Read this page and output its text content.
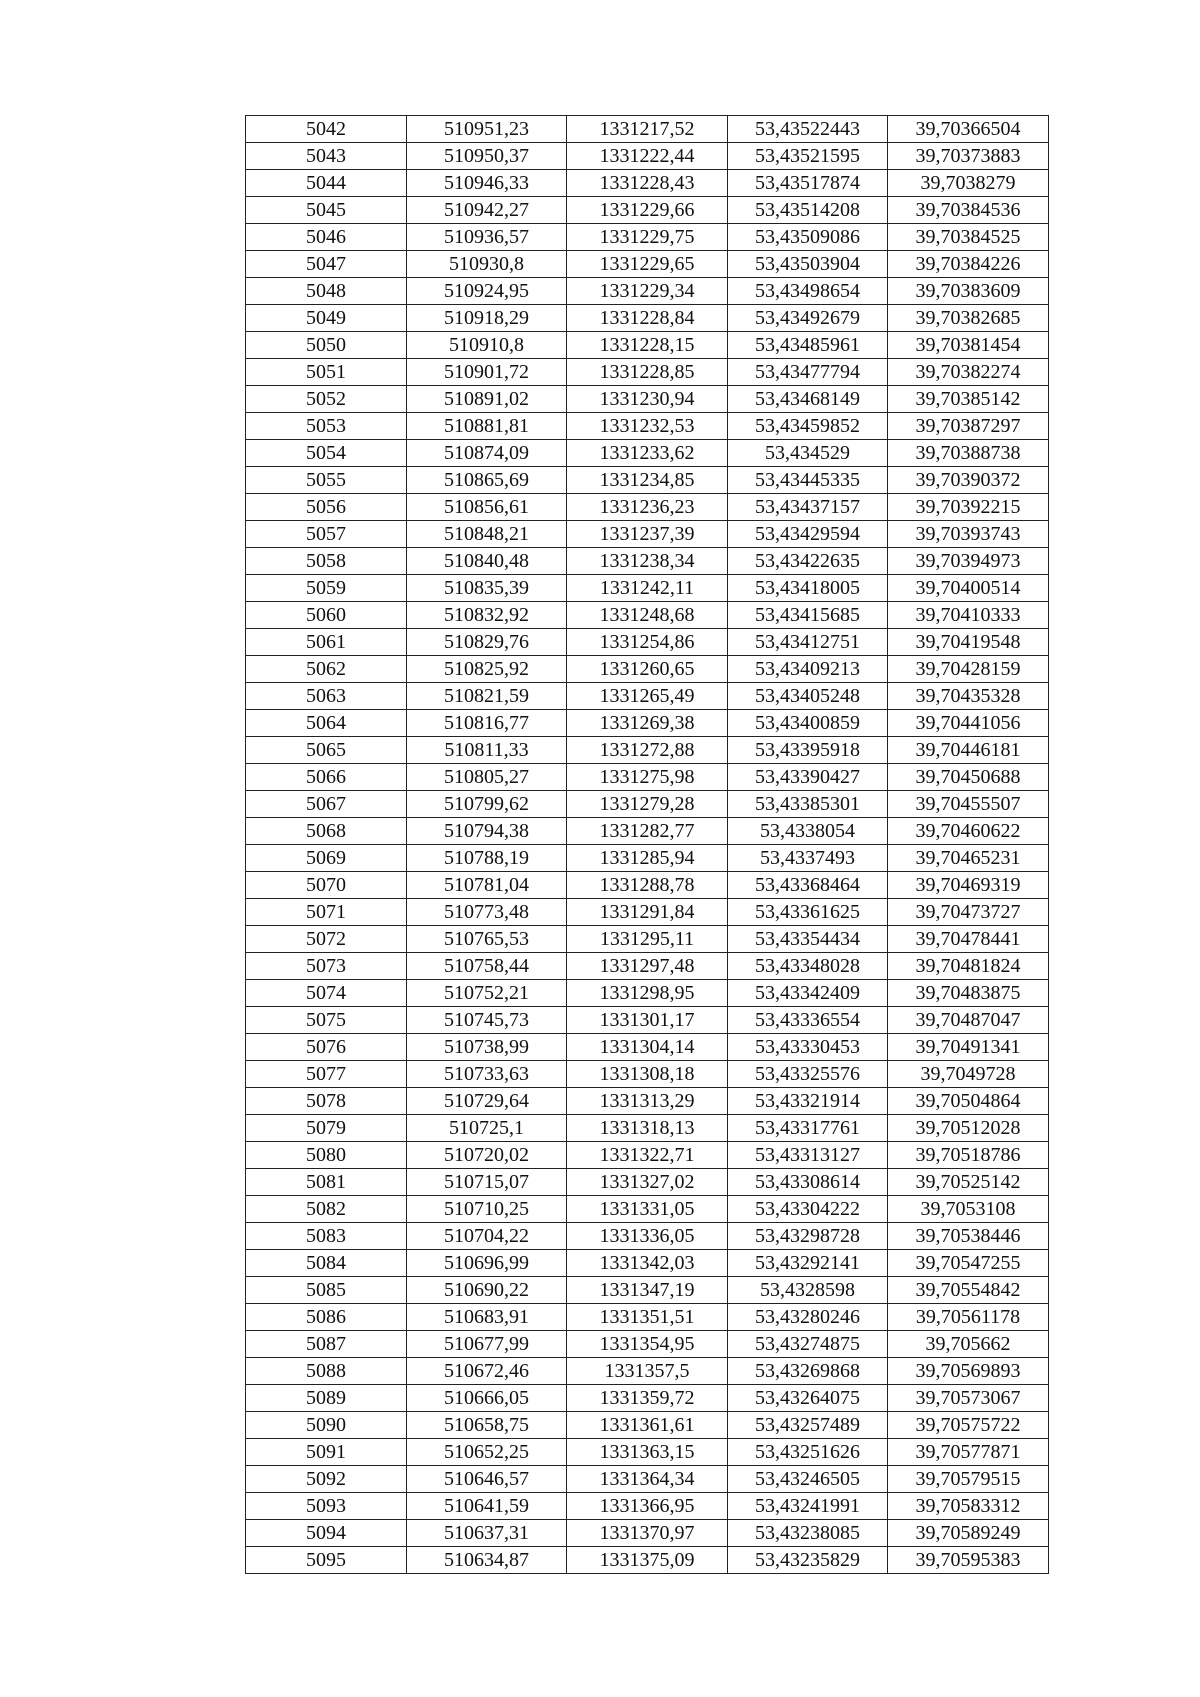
5042	510951,23	1331217,52	53,43522443	39,70366504
5043	510950,37	1331222,44	53,43521595	39,70373883
5044	510946,33	1331228,43	53,43517874	39,7038279
5045	510942,27	1331229,66	53,43514208	39,70384536
5046	510936,57	1331229,75	53,43509086	39,70384525
5047	510930,8	1331229,65	53,43503904	39,70384226
5048	510924,95	1331229,34	53,43498654	39,70383609
5049	510918,29	1331228,84	53,43492679	39,70382685
5050	510910,8	1331228,15	53,43485961	39,70381454
5051	510901,72	1331228,85	53,43477794	39,70382274
5052	510891,02	1331230,94	53,43468149	39,70385142
5053	510881,81	1331232,53	53,43459852	39,70387297
5054	510874,09	1331233,62	53,434529	39,70388738
5055	510865,69	1331234,85	53,43445335	39,70390372
5056	510856,61	1331236,23	53,43437157	39,70392215
5057	510848,21	1331237,39	53,43429594	39,70393743
5058	510840,48	1331238,34	53,43422635	39,70394973
5059	510835,39	1331242,11	53,43418005	39,70400514
5060	510832,92	1331248,68	53,43415685	39,70410333
5061	510829,76	1331254,86	53,43412751	39,70419548
5062	510825,92	1331260,65	53,43409213	39,70428159
5063	510821,59	1331265,49	53,43405248	39,70435328
5064	510816,77	1331269,38	53,43400859	39,70441056
5065	510811,33	1331272,88	53,43395918	39,70446181
5066	510805,27	1331275,98	53,43390427	39,70450688
5067	510799,62	1331279,28	53,43385301	39,70455507
5068	510794,38	1331282,77	53,4338054	39,70460622
5069	510788,19	1331285,94	53,4337493	39,70465231
5070	510781,04	1331288,78	53,43368464	39,70469319
5071	510773,48	1331291,84	53,43361625	39,70473727
5072	510765,53	1331295,11	53,43354434	39,70478441
5073	510758,44	1331297,48	53,43348028	39,70481824
5074	510752,21	1331298,95	53,43342409	39,70483875
5075	510745,73	1331301,17	53,43336554	39,70487047
5076	510738,99	1331304,14	53,43330453	39,70491341
5077	510733,63	1331308,18	53,43325576	39,7049728
5078	510729,64	1331313,29	53,43321914	39,70504864
5079	510725,1	1331318,13	53,43317761	39,70512028
5080	510720,02	1331322,71	53,43313127	39,70518786
5081	510715,07	1331327,02	53,43308614	39,70525142
5082	510710,25	1331331,05	53,43304222	39,7053108
5083	510704,22	1331336,05	53,43298728	39,70538446
5084	510696,99	1331342,03	53,43292141	39,70547255
5085	510690,22	1331347,19	53,4328598	39,70554842
5086	510683,91	1331351,51	53,43280246	39,70561178
5087	510677,99	1331354,95	53,43274875	39,705662
5088	510672,46	1331357,5	53,43269868	39,70569893
5089	510666,05	1331359,72	53,43264075	39,70573067
5090	510658,75	1331361,61	53,43257489	39,70575722
5091	510652,25	1331363,15	53,43251626	39,70577871
5092	510646,57	1331364,34	53,43246505	39,70579515
5093	510641,59	1331366,95	53,43241991	39,70583312
5094	510637,31	1331370,97	53,43238085	39,70589249
5095	510634,87	1331375,09	53,43235829	39,70595383
